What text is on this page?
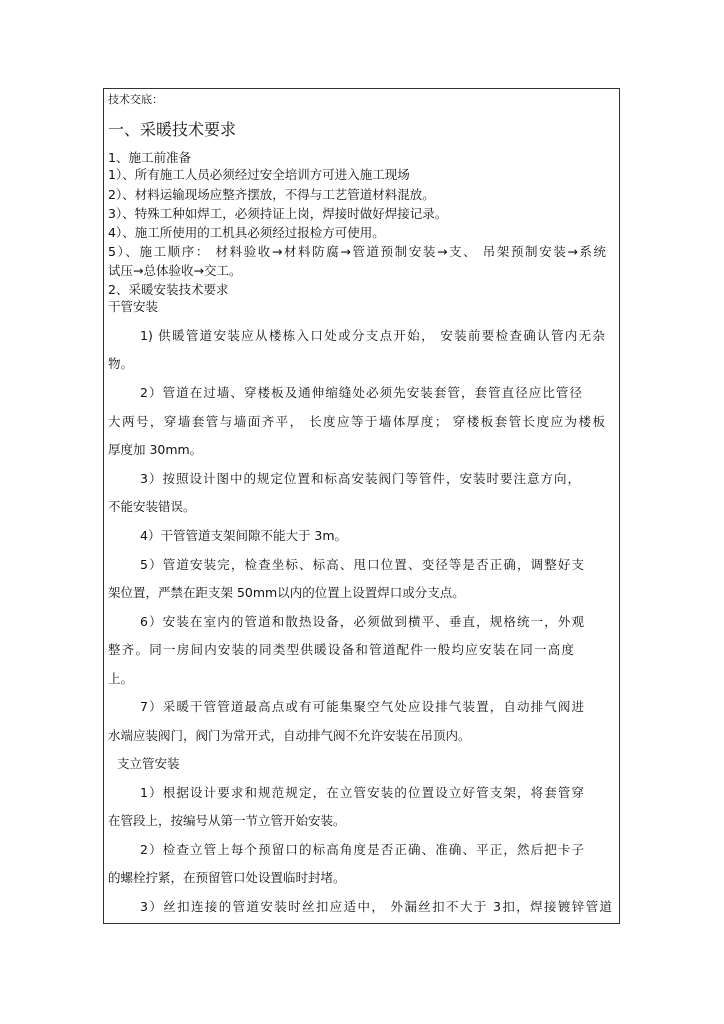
技术交底：
一、采暖技术要求
1、施工前准备
1）、所有施工人员必须经过安全培训方可进入施工现场
2）、材料运输现场应整齐摆放，不得与工艺管道材料混放。
3）、特殊工种如焊工，必须持证上岗，焊接时做好焊接记录。
4）、施工所使用的工机具必须经过报检方可使用。
5）、施工顺序： 材料验收→材料防腐→管道预制安装→支、 吊架预制安装→系统
试压→总体验收→交工。
2、采暖安装技术要求
干管安装
1) 供暖管道安装应从楼栋入口处或分支点开始， 安装前要检查确认管内无杂
物。
2）管道在过墙、穿楼板及通伸缩缝处必须先安装套管，套管直径应比管径
大两号，穿墙套管与墙面齐平， 长度应等于墙体厚度； 穿楼板套管长度应为楼板
厚度加 30mm。
3）按照设计图中的规定位置和标高安装阀门等管件，安装时要注意方向，
不能安装错误。
4）干管管道支架间隙不能大于 3m。
5）管道安装完，检查坐标、标高、甩口位置、变径等是否正确，调整好支
架位置，严禁在距支架 50mm以内的位置上设置焊口或分支点。
6）安装在室内的管道和散热设备，必须做到横平、垂直，规格统一，外观
整齐。同一房间内安装的同类型供暖设备和管道配件一般均应安装在同一高度
上。
7）采暖干管管道最高点或有可能集聚空气处应设排气装置，自动排气阀进
水端应装阀门，阀门为常开式，自动排气阀不允许安装在吊顶内。
支立管安装
1）根据设计要求和规范规定，在立管安装的位置设立好管支架，将套管穿
在管段上，按编号从第一节立管开始安装。
2）检查立管上每个预留口的标高角度是否正确、准确、平正，然后把卡子
的螺栓拧紧，在预留管口处设置临时封堵。
3）丝扣连接的管道安装时丝扣应适中， 外漏丝扣不大于 3扣，焊接镀锌管道
